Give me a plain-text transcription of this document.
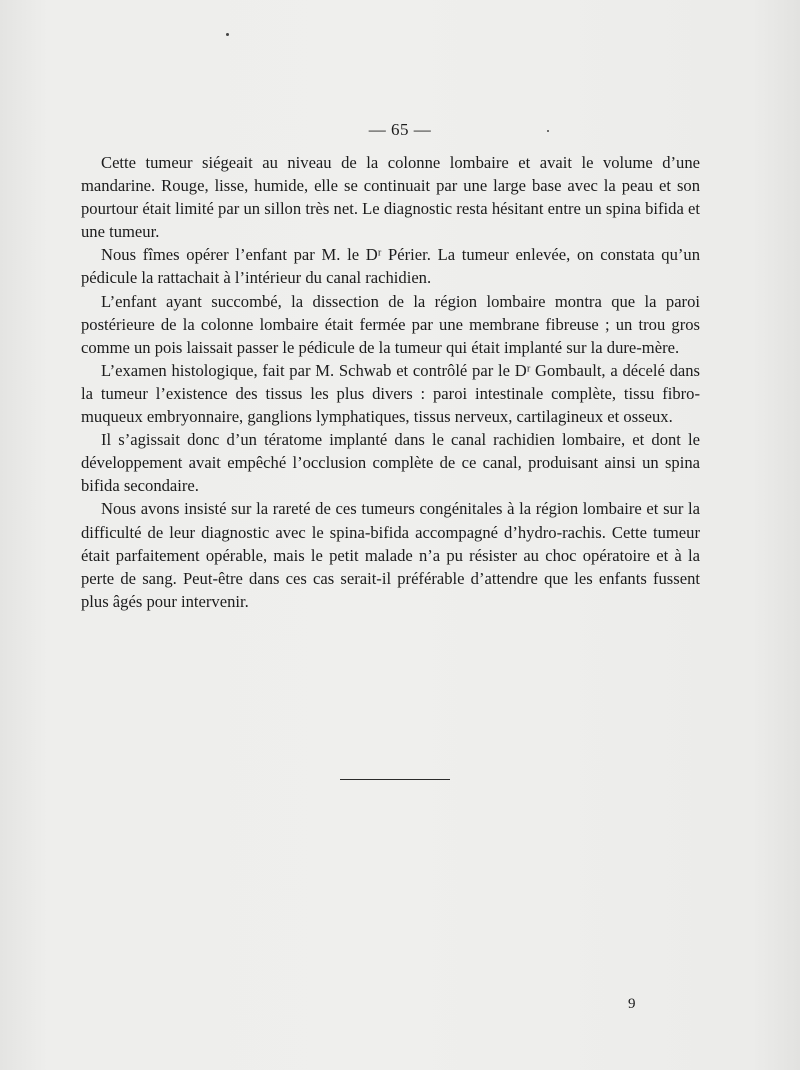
— 65 —

Cette tumeur siégeait au niveau de la colonne lombaire et avait le volume d’une mandarine. Rouge, lisse, humide, elle se continuait par une large base avec la peau et son pourtour était limité par un sillon très net. Le diagnostic resta hésitant entre un spina bifida et une tumeur.

Nous fîmes opérer l’enfant par M. le Dʳ Périer. La tumeur enlevée, on constata qu’un pédicule la rattachait à l’intérieur du canal rachidien.

L’enfant ayant succombé, la dissection de la région lombaire montra que la paroi postérieure de la colonne lombaire était fermée par une membrane fibreuse ; un trou gros comme un pois laissait passer le pédicule de la tumeur qui était implanté sur la dure-mère.

L’examen histologique, fait par M. Schwab et contrôlé par le Dʳ Gombault, a décelé dans la tumeur l’existence des tissus les plus divers : paroi intestinale complète, tissu fibro-muqueux embryonnaire, ganglions lymphatiques, tissus nerveux, cartilagineux et osseux.

Il s’agissait donc d’un tératome implanté dans le canal rachidien lombaire, et dont le développement avait empêché l’occlusion complète de ce canal, produisant ainsi un spina bifida secondaire.

Nous avons insisté sur la rareté de ces tumeurs congénitales à la région lombaire et sur la difficulté de leur diagnostic avec le spina-bifida accompagné d’hydro-rachis. Cette tumeur était parfaitement opérable, mais le petit malade n’a pu résister au choc opératoire et à la perte de sang. Peut-être dans ces cas serait-il préférable d’attendre que les enfants fussent plus âgés pour intervenir.

9
